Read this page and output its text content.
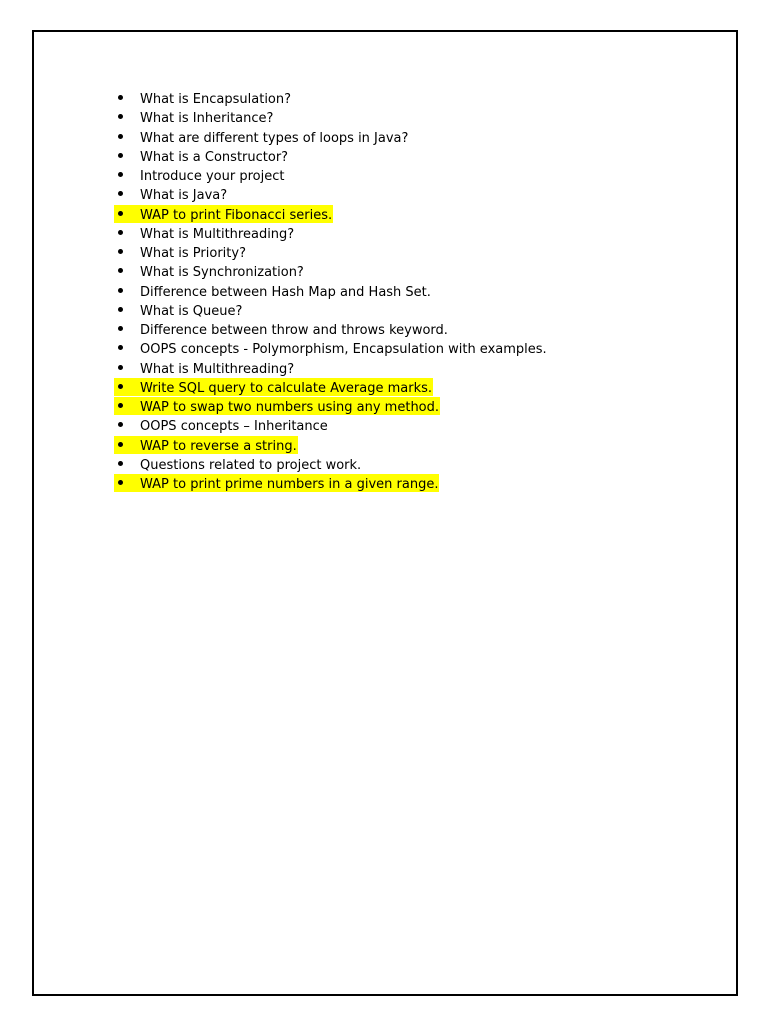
What is Encapsulation?
What is Inheritance?
What are different types of loops in Java?
What is a Constructor?
Introduce your project
What is Java?
WAP to print Fibonacci series.
What is Multithreading?
What is Priority?
What is Synchronization?
Difference between Hash Map and Hash Set.
What is Queue?
Difference between throw and throws keyword.
OOPS concepts - Polymorphism, Encapsulation with examples.
What is Multithreading?
Write SQL query to calculate Average marks.
WAP to swap two numbers using any method.
OOPS concepts – Inheritance
WAP to reverse a string.
Questions related to project work.
WAP to print prime numbers in a given range.
